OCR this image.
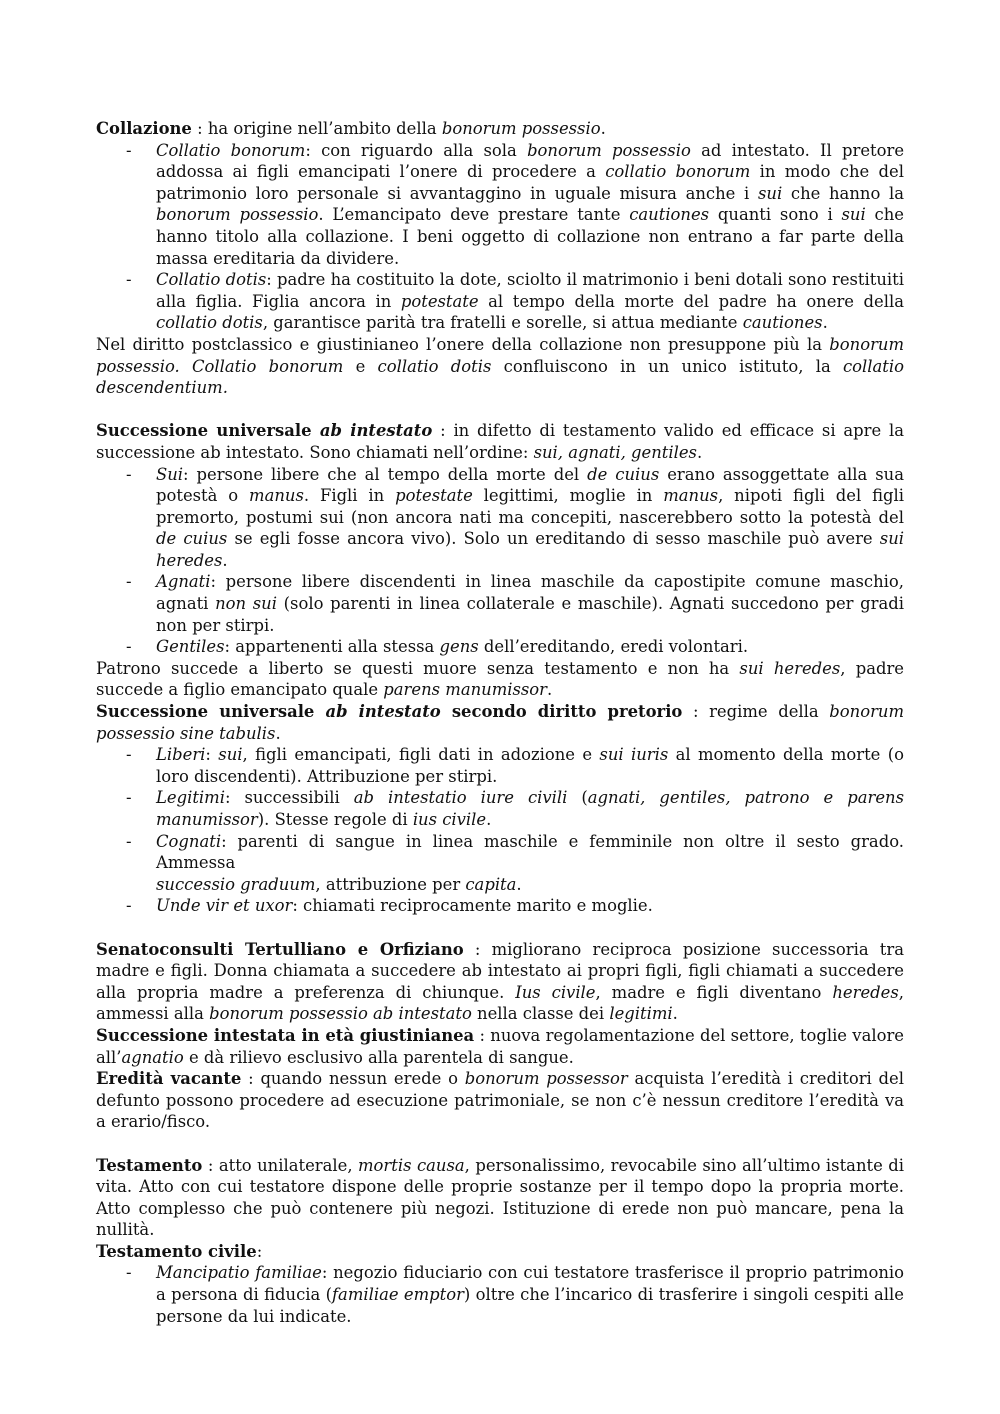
Collazione : ha origine nell’ambito della bonorum possessio.

- Collatio bonorum: con riguardo alla sola bonorum possessio ad intestato. Il pretore addossa ai figli emancipati l’onere di procedere a collatio bonorum in modo che del patrimonio loro personale si avvantaggino in uguale misura anche i sui che hanno la bonorum possessio. L’emancipato deve prestare tante cautiones quanti sono i sui che hanno titolo alla collazione. I beni oggetto di collazione non entrano a far parte della massa ereditaria da dividere.
- Collatio dotis: padre ha costituito la dote, sciolto il matrimonio i beni dotali sono restituiti alla figlia. Figlia ancora in potestate al tempo della morte del padre ha onere della collatio dotis, garantisce parità tra fratelli e sorelle, si attua mediante cautiones.

Nel diritto postclassico e giustinianeo l’onere della collazione non presuppone più la bonorum possessio. Collatio bonorum e collatio dotis confluiscono in un unico istituto, la collatio descendentium.

Successione universale ab intestato : in difetto di testamento valido ed efficace si apre la successione ab intestato. Sono chiamati nell’ordine: sui, agnati, gentiles.

- Sui: persone libere che al tempo della morte del de cuius erano assoggettate alla sua potestà o manus. Figli in potestate legittimi, moglie in manus, nipoti figli del figli premorto, postumi sui (non ancora nati ma concepiti, nascerebbero sotto la potestà del de cuius se egli fosse ancora vivo). Solo un ereditando di sesso maschile può avere sui heredes.
- Agnati: persone libere discendenti in linea maschile da capostipite comune maschio, agnati non sui (solo parenti in linea collaterale e maschile). Agnati succedono per gradi non per stirpi.
- Gentiles: appartenenti alla stessa gens dell’ereditando, eredi volontari.

Patrono succede a liberto se questi muore senza testamento e non ha sui heredes, padre succede a figlio emancipato quale parens manumissor.

Successione universale ab intestato secondo diritto pretorio : regime della bonorum possessio sine tabulis.

- Liberi: sui, figli emancipati, figli dati in adozione e sui iuris al momento della morte (o loro discendenti). Attribuzione per stirpi.
- Legitimi: successibili ab intestatio iure civili (agnati, gentiles, patrono e parens manumissor). Stesse regole di ius civile.
- Cognati: parenti di sangue in linea maschile e femminile non oltre il sesto grado. Ammessa
successio graduum, attribuzione per capita.
- Unde vir et uxor: chiamati reciprocamente marito e moglie.

Senatoconsulti Tertulliano e Orfiziano : migliorano reciproca posizione successoria tra madre e figli. Donna chiamata a succedere ab intestato ai propri figli, figli chiamati a succedere alla propria madre a preferenza di chiunque. Ius civile, madre e figli diventano heredes, ammessi alla bonorum possessio ab intestato nella classe dei legitimi.

Successione intestata in età giustinianea : nuova regolamentazione del settore, toglie valore all’agnatio e dà rilievo esclusivo alla parentela di sangue.

Eredità vacante : quando nessun erede o bonorum possessor acquista l’eredità i creditori del defunto possono procedere ad esecuzione patrimoniale, se non c’è nessun creditore l’eredità va a erario/fisco.

Testamento : atto unilaterale, mortis causa, personalissimo, revocabile sino all’ultimo istante di vita. Atto con cui testatore dispone delle proprie sostanze per il tempo dopo la propria morte. Atto complesso che può contenere più negozi. Istituzione di erede non può mancare, pena la nullità.

Testamento civile:

- Mancipatio familiae: negozio fiduciario con cui testatore trasferisce il proprio patrimonio a persona di fiducia (familiae emptor) oltre che l’incarico di trasferire i singoli cespiti alle persone da lui indicate.
